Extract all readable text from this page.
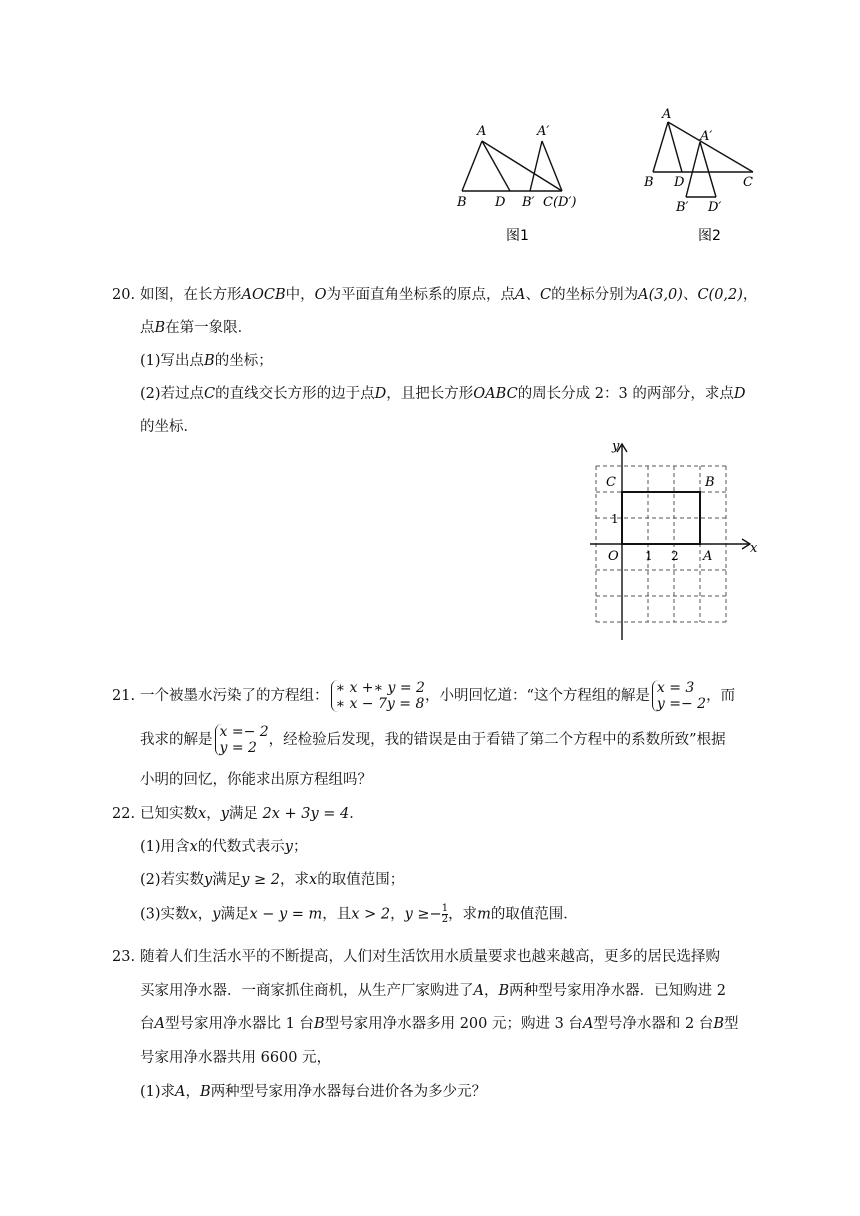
A	A′
B D B′ C(D′)
图1
A
A′
B D	C
B′ D′
图2
20. 如图，在长方形AOCB中，O为平面直角坐标系的原点，点A、C的坐标分别为A(3,0)、C(0,2)，
点B在第一象限．
(1)写出点B的坐标；
(2)若过点C的直线交长方形的边于点D，且把长方形OABC的周长分成 2：3 的两部分，求点D
的坐标．
y
x
C	B
O
1
1 2 A
21. 一个被墨水污染了的方程组： ∗ x +∗ y = 2
∗ x − 7y = 8 ，小明回忆道：“这个方程组的解是 x = 3
y =− 2 ，而
我求的解是 x =− 2
y = 2 ，经检验后发现，我的错误是由于看错了第二个方程中的系数所致”根据
小明的回忆，你能求出原方程组吗？
22. 已知实数x，y满足 2x + 3y = 4．
(1)用含x的代数式表示y；
(2)若实数y满足y ≥ 2，求x的取值范围；
(3)实数x，y满足x − y = m，且x > 2，$y \ge- \frac{1}{2}$ ，求m的取值范围．
23. 随着人们生活水平的不断提高，人们对生活饮用水质量要求也越来越高，更多的居民选择购
买家用净水器．一商家抓住商机，从生产厂家购进了A，B两种型号家用净水器．已知购进 2
台A型号家用净水器比 1 台B型号家用净水器多用 200 元；购进 3 台A型号净水器和 2 台B型
号家用净水器共用 6600 元，
(1)求A，B两种型号家用净水器每台进价各为多少元？
